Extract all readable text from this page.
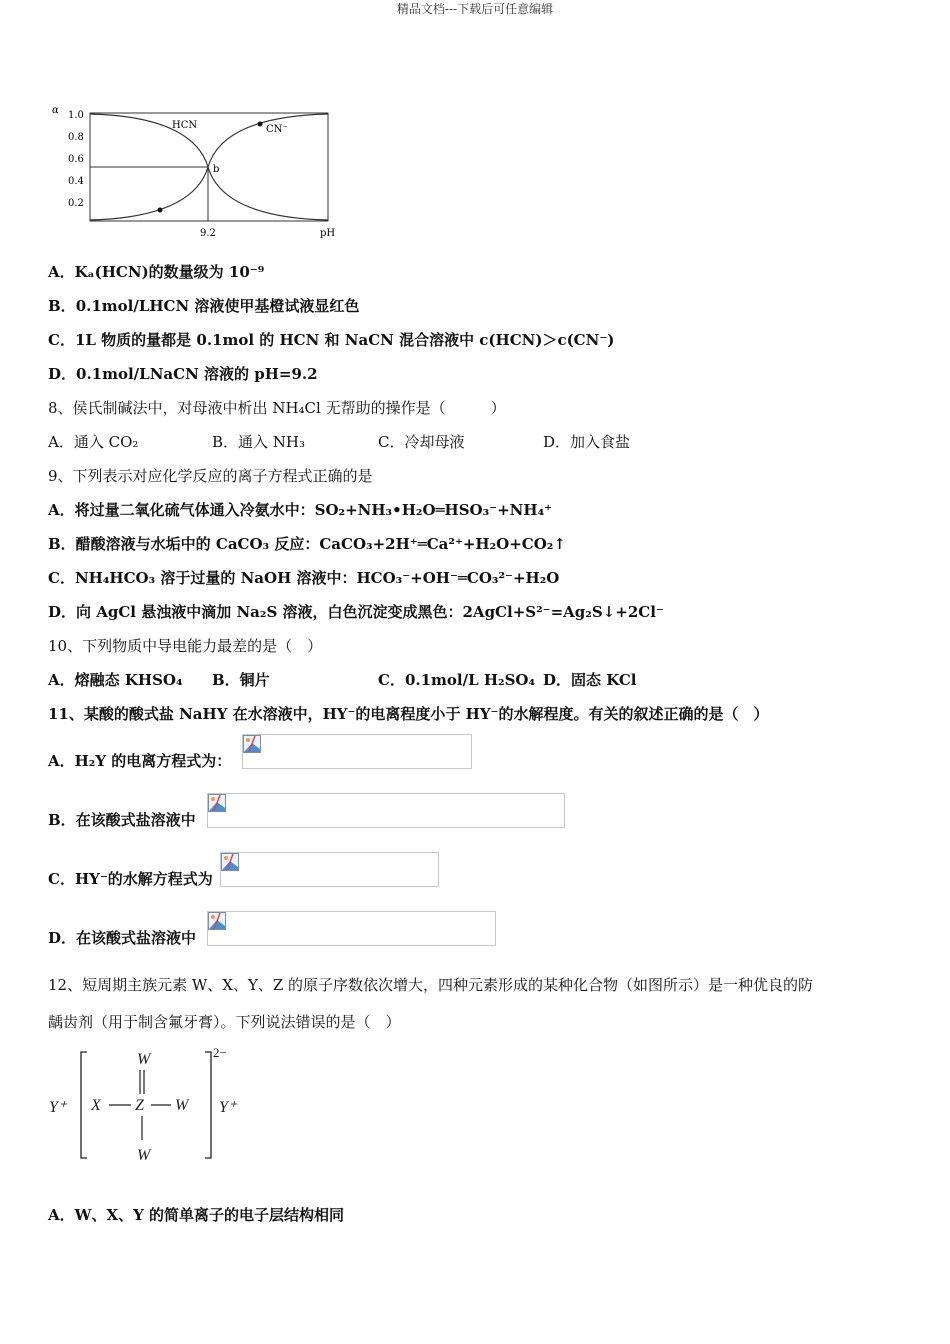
精品文档---下载后可任意编辑
α 1.0
0.8
0.6
0.4
0.2
HCN	CN⁻
b
9.2	pH
A．Kₐ(HCN)的数量级为 10⁻⁹
B．0.1mol/LHCN 溶液使甲基橙试液显红色
C．1L 物质的量都是 0.1mol 的 HCN 和 NaCN 混合溶液中 c(HCN)＞c(CN⁻)
D．0.1mol/LNaCN 溶液的 pH=9.2
8、侯氏制碱法中，对母液中析出 NH₄Cl 无帮助的操作是（　　　）
A．通入 CO₂	B．通入 NH₃	C．冷却母液	D．加入食盐
9、下列表示对应化学反应的离子方程式正确的是
A．将过量二氧化硫气体通入冷氨水中：SO₂+NH₃•H₂O═HSO₃⁻+NH₄⁺
B．醋酸溶液与水垢中的 CaCO₃ 反应：CaCO₃+2H⁺═Ca²⁺+H₂O+CO₂↑
C．NH₄HCO₃ 溶于过量的 NaOH 溶液中：HCO₃⁻+OH⁻═CO₃²⁻+H₂O
D．向 AgCl 悬浊液中滴加 Na₂S 溶液，白色沉淀变成黑色：2AgCl+S²⁻=Ag₂S↓+2Cl⁻
10、下列物质中导电能力最差的是（　）
A．熔融态 KHSO₄ B．铜片	C．0.1mol/L H₂SO₄ D．固态 KCl
11、某酸的酸式盐 NaHY 在水溶液中，HY⁻的电离程度小于 HY⁻的水解程度。有关的叙述正确的是（　）
A．H₂Y 的电离方程式为：
B．在该酸式盐溶液中
C．HY⁻的水解方程式为
D．在该酸式盐溶液中
12、短周期主族元素 W、X、Y、Z 的原子序数依次增大，四种元素形成的某种化合物（如图所示）是一种优良的防
龋齿剂（用于制含氟牙膏）。下列说法错误的是（　）
Y⁺
W
X Z W
W
Y⁺
2−
A．W、X、Y 的简单离子的电子层结构相同
